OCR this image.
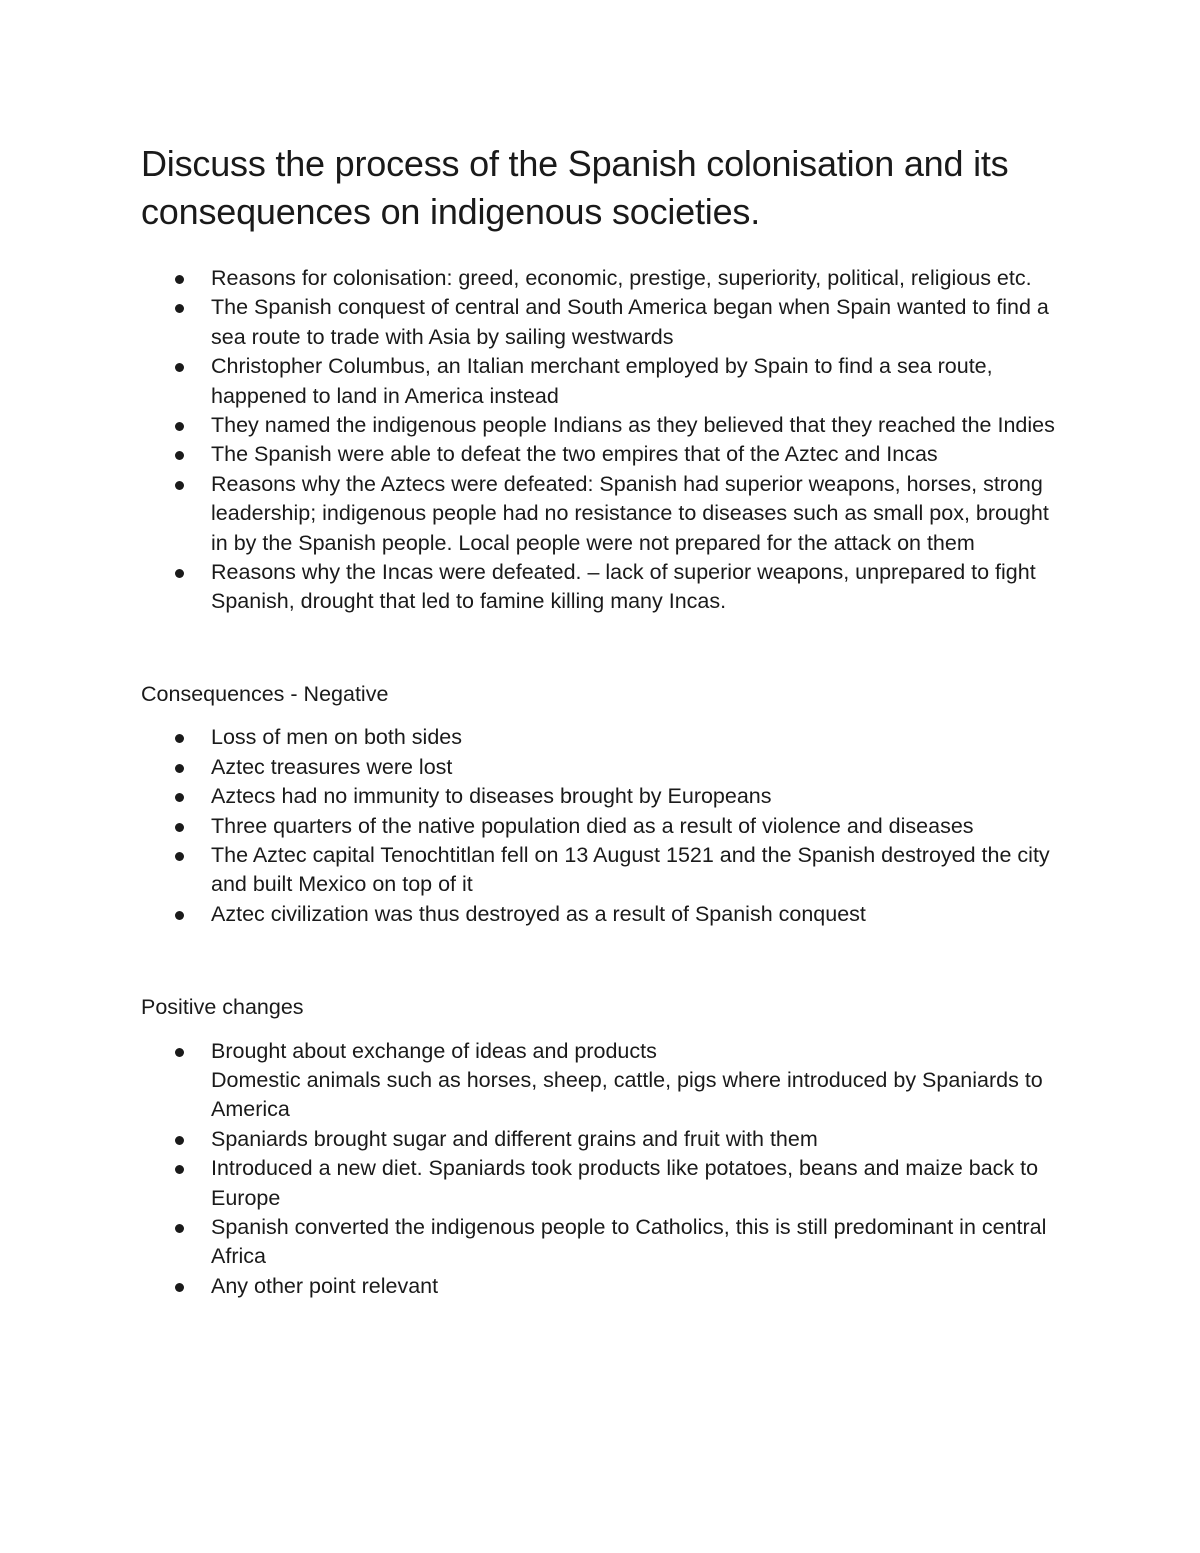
Discuss the process of the Spanish colonisation and its consequences on indigenous societies.
Reasons for colonisation: greed, economic, prestige, superiority, political, religious etc.
The Spanish conquest of central and South America began when Spain wanted to find a sea route to trade with Asia by sailing westwards
Christopher Columbus, an Italian merchant employed by Spain to find a sea route, happened to land in America instead
They named the indigenous people Indians as they believed that they reached the Indies
The Spanish were able to defeat the two empires that of the Aztec and Incas
Reasons why the Aztecs were defeated: Spanish had superior weapons, horses, strong leadership; indigenous people had no resistance to diseases such as small pox, brought in by the Spanish people. Local people were not prepared for the attack on them
Reasons why the Incas were defeated. – lack of superior weapons, unprepared to fight Spanish, drought that led to famine killing many Incas.

Consequences - Negative

Loss of men on both sides
Aztec treasures were lost
Aztecs had no immunity to diseases brought by Europeans
Three quarters of the native population died as a result of violence and diseases
The Aztec capital Tenochtitlan fell on 13 August 1521 and the Spanish destroyed the city and built Mexico on top of it
Aztec civilization was thus destroyed as a result of Spanish conquest

Positive changes

Brought about exchange of ideas and products
Domestic animals such as horses, sheep, cattle, pigs where introduced by Spaniards to America
Spaniards brought sugar and different grains and fruit with them
Introduced a new diet. Spaniards took products like potatoes, beans and maize back to Europe
Spanish converted the indigenous people to Catholics, this is still predominant in central Africa
Any other point relevant
